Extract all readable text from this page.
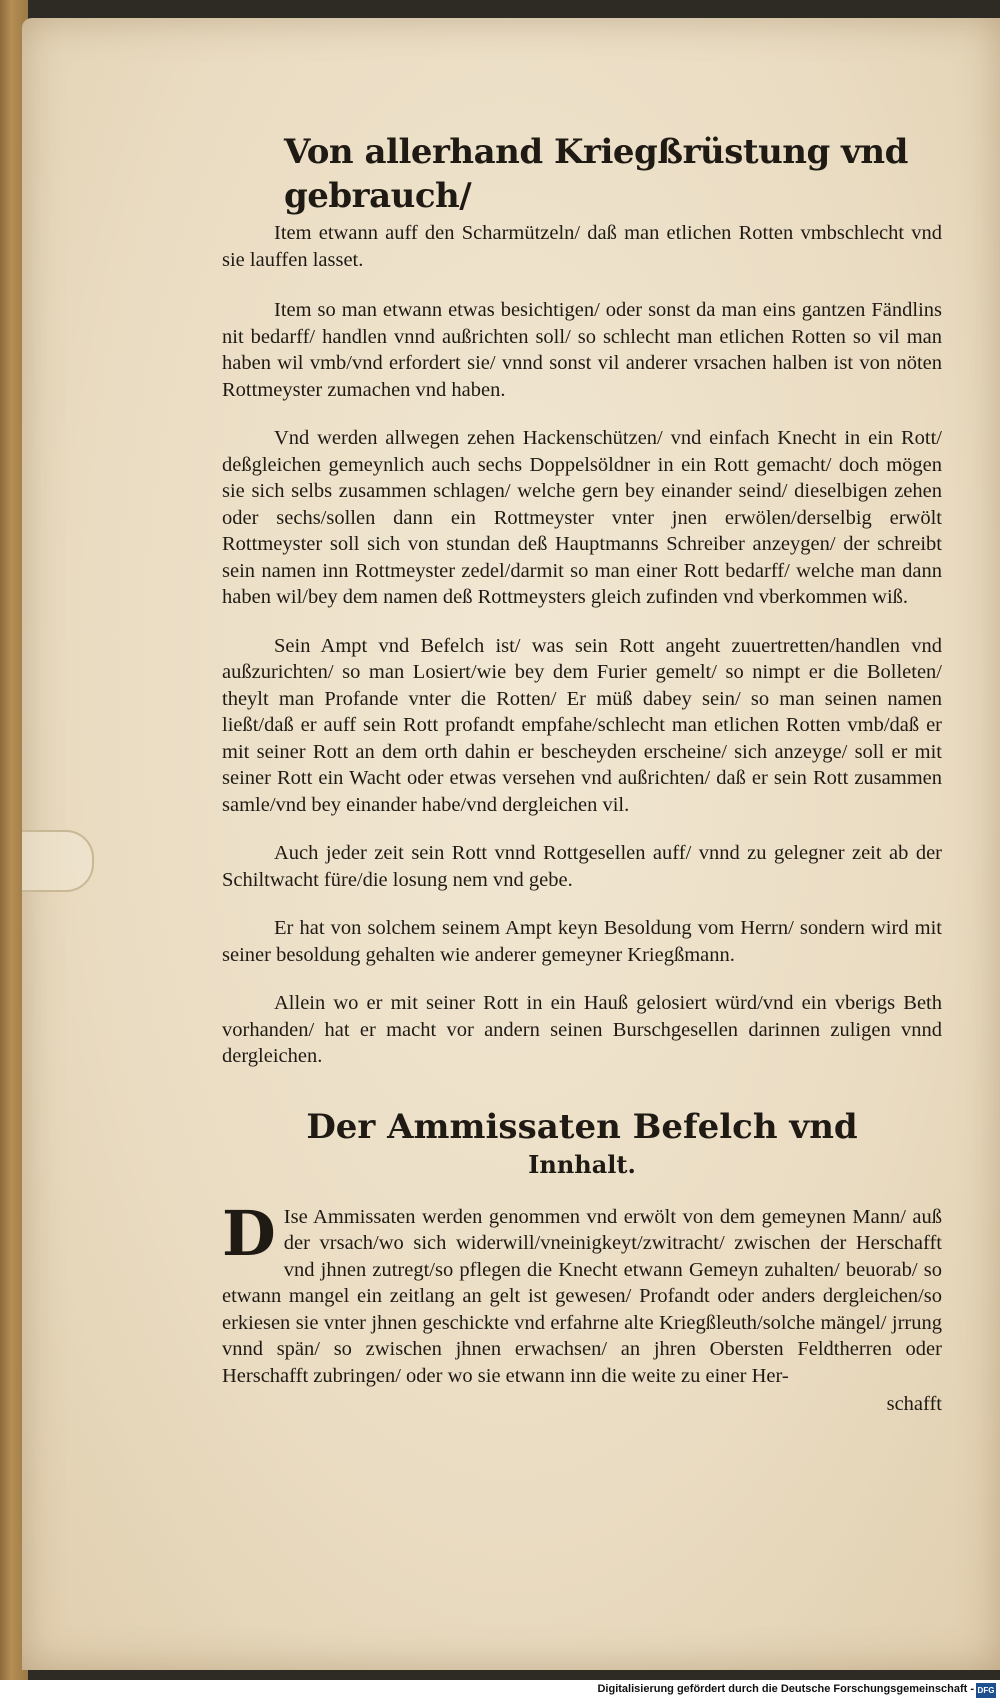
Von allerhand Kriegßrüstung vnd gebrauch/

Item etwann auff den Scharmützeln/ daß man etlichen Rotten vmbschlecht vnd sie lauffen lasset.

Item so man etwann etwas besichtigen/ oder sonst da man eins gantzen Fändlins nit bedarff/ handlen vnnd außrichten soll/ so schlecht man etlichen Rotten so vil man haben wil vmb/vnd erfordert sie/ vnnd sonst vil anderer vrsachen halben ist von nöten Rottmeyster zumachen vnd haben.

Vnd werden allwegen zehen Hackenschützen/ vnd einfach Knecht in ein Rott/ deßgleichen gemeynlich auch sechs Doppelsöldner in ein Rott gemacht/ doch mögen sie sich selbs zusammen schlagen/ welche gern bey einander seind/ dieselbigen zehen oder sechs/sollen dann ein Rottmeyster vnter jnen erwölen/derselbig erwölt Rottmeyster soll sich von stundan deß Hauptmanns Schreiber anzeygen/ der schreibt sein namen inn Rottmeyster zedel/darmit so man einer Rott bedarff/ welche man dann haben wil/bey dem namen deß Rottmeysters gleich zufinden vnd vberkommen wiß.

Sein Ampt vnd Befelch ist/ was sein Rott angeht zuuertretten/handlen vnd außzurichten/ so man Losiert/wie bey dem Furier gemelt/ so nimpt er die Bolleten/ theylt man Profande vnter die Rotten/ Er müß dabey sein/ so man seinen namen ließt/daß er auff sein Rott profandt empfahe/schlecht man etlichen Rotten vmb/daß er mit seiner Rott an dem orth dahin er bescheyden erscheine/ sich anzeyge/ soll er mit seiner Rott ein Wacht oder etwas versehen vnd außrichten/ daß er sein Rott zusammen samle/vnd bey einander habe/vnd dergleichen vil.

Auch jeder zeit sein Rott vnnd Rottgesellen auff/ vnnd zu gelegner zeit ab der Schiltwacht füre/die losung nem vnd gebe.

Er hat von solchem seinem Ampt keyn Besoldung vom Herrn/ sondern wird mit seiner besoldung gehalten wie anderer gemeyner Kriegßmann.

Allein wo er mit seiner Rott in ein Hauß gelosiert würd/vnd ein vberigs Beth vorhanden/ hat er macht vor andern seinen Burschgesellen darinnen zuligen vnnd dergleichen.

Der Ammissaten Befelch vnd
Innhalt.

D Ise Ammissaten werden genommen vnd erwölt von dem gemeynen Mann/ auß der vrsach/wo sich widerwill/vneinigkeyt/zwitracht/ zwischen der Herschafft vnd jhnen zutregt/so pflegen die Knecht etwann Gemeyn zuhalten/ beuorab/ so etwann mangel ein zeitlang an gelt ist gewesen/ Profandt oder anders dergleichen/so erkiesen sie vnter jhnen geschickte vnd erfahrne alte Kriegßleuth/solche mängel/ jrrung vnnd spän/ so zwischen jhnen erwachsen/ an jhren Obersten Feldtherren oder Herschafft zubringen/ oder wo sie etwann inn die weite zu einer Her-

schafft
Digitalisierung gefördert durch die Deutsche Forschungsgemeinschaft - DFG
